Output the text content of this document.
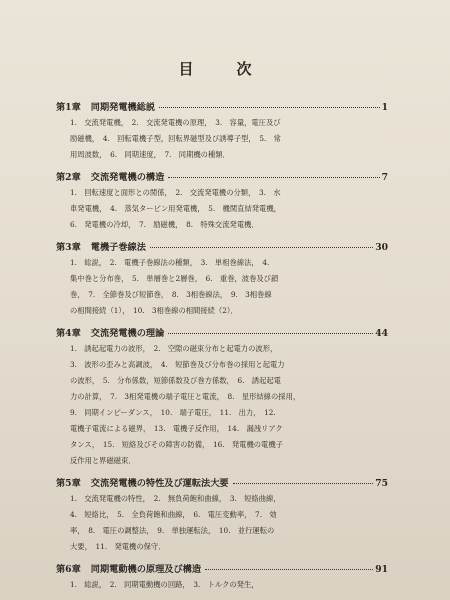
目　次
第1章 同期発電機総説	1
1.　交流発電機，　2.　交流発電機の原理，　3.　容量，電圧及び
励磁機，　4.　回転電機子型，回転界磁型及び誘導子型，　5.　常
用周波数，　6.　同期速度，　7.　同期機の種類．
第2章 交流発電機の構造	7
1.　回転速度と面形との関係，　2.　交流発電機の分類，　3.　水
車発電機，　4.　蒸気タービン用発電機，　5.　機関直結発電機，
6.　発電機の冷却，　7.　励磁機，　8.　特殊交流発電機．
第3章 電機子巻線法	30
1.　総説，　2.　電機子巻線法の種類，　3.　単相巻線法，　4.
集中巻と分布巻，　5.　単層巻と2層巻，　6.　重巻，波巻及び鎖
巻，　7.　全節巻及び短節巻，　8.　3相巻線法，　9.　3相巻線
の相間接続（1），　10.　3相巻線の相間接続（2）．
第4章 交流発電機の理論	44
1.　誘起起電力の波形，　2.　空隙の磁束分布と起電力の波形，
3.　波形の歪みと高調波，　4.　短節巻及び分布巻の採用と起電力
の波形，　5.　分布係数，短節係数及び巻方係数，　6.　誘起起電
力の計算，　7.　3相発電機の端子電圧と電流，　8.　星形結線の採用，
9.　同期インピーダンス，　10.　端子電圧，　11.　出力，　12.
電機子電流による磁界，　13.　電機子反作用，　14.　漏洩リアク
タンス，　15.　短絡及びその障害の防備，　16.　発電機の電機子
反作用と界磁磁束．
第5章 交流発電機の特性及び運転法大要	75
1.　交流発電機の特性，　2.　無負荷飽和曲線，　3.　短絡曲線，
4.　短絡比，　5.　全負荷飽和曲線，　6.　電圧変動率，　7.　効
率，　8.　電圧の調整法，　9.　単独運転法，　10.　並行運転の
大要，　11.　発電機の保守．
第6章 同期電動機の原理及び構造	91
1.　総説，　2.　同期電動機の回路，　3.　トルクの発生，
